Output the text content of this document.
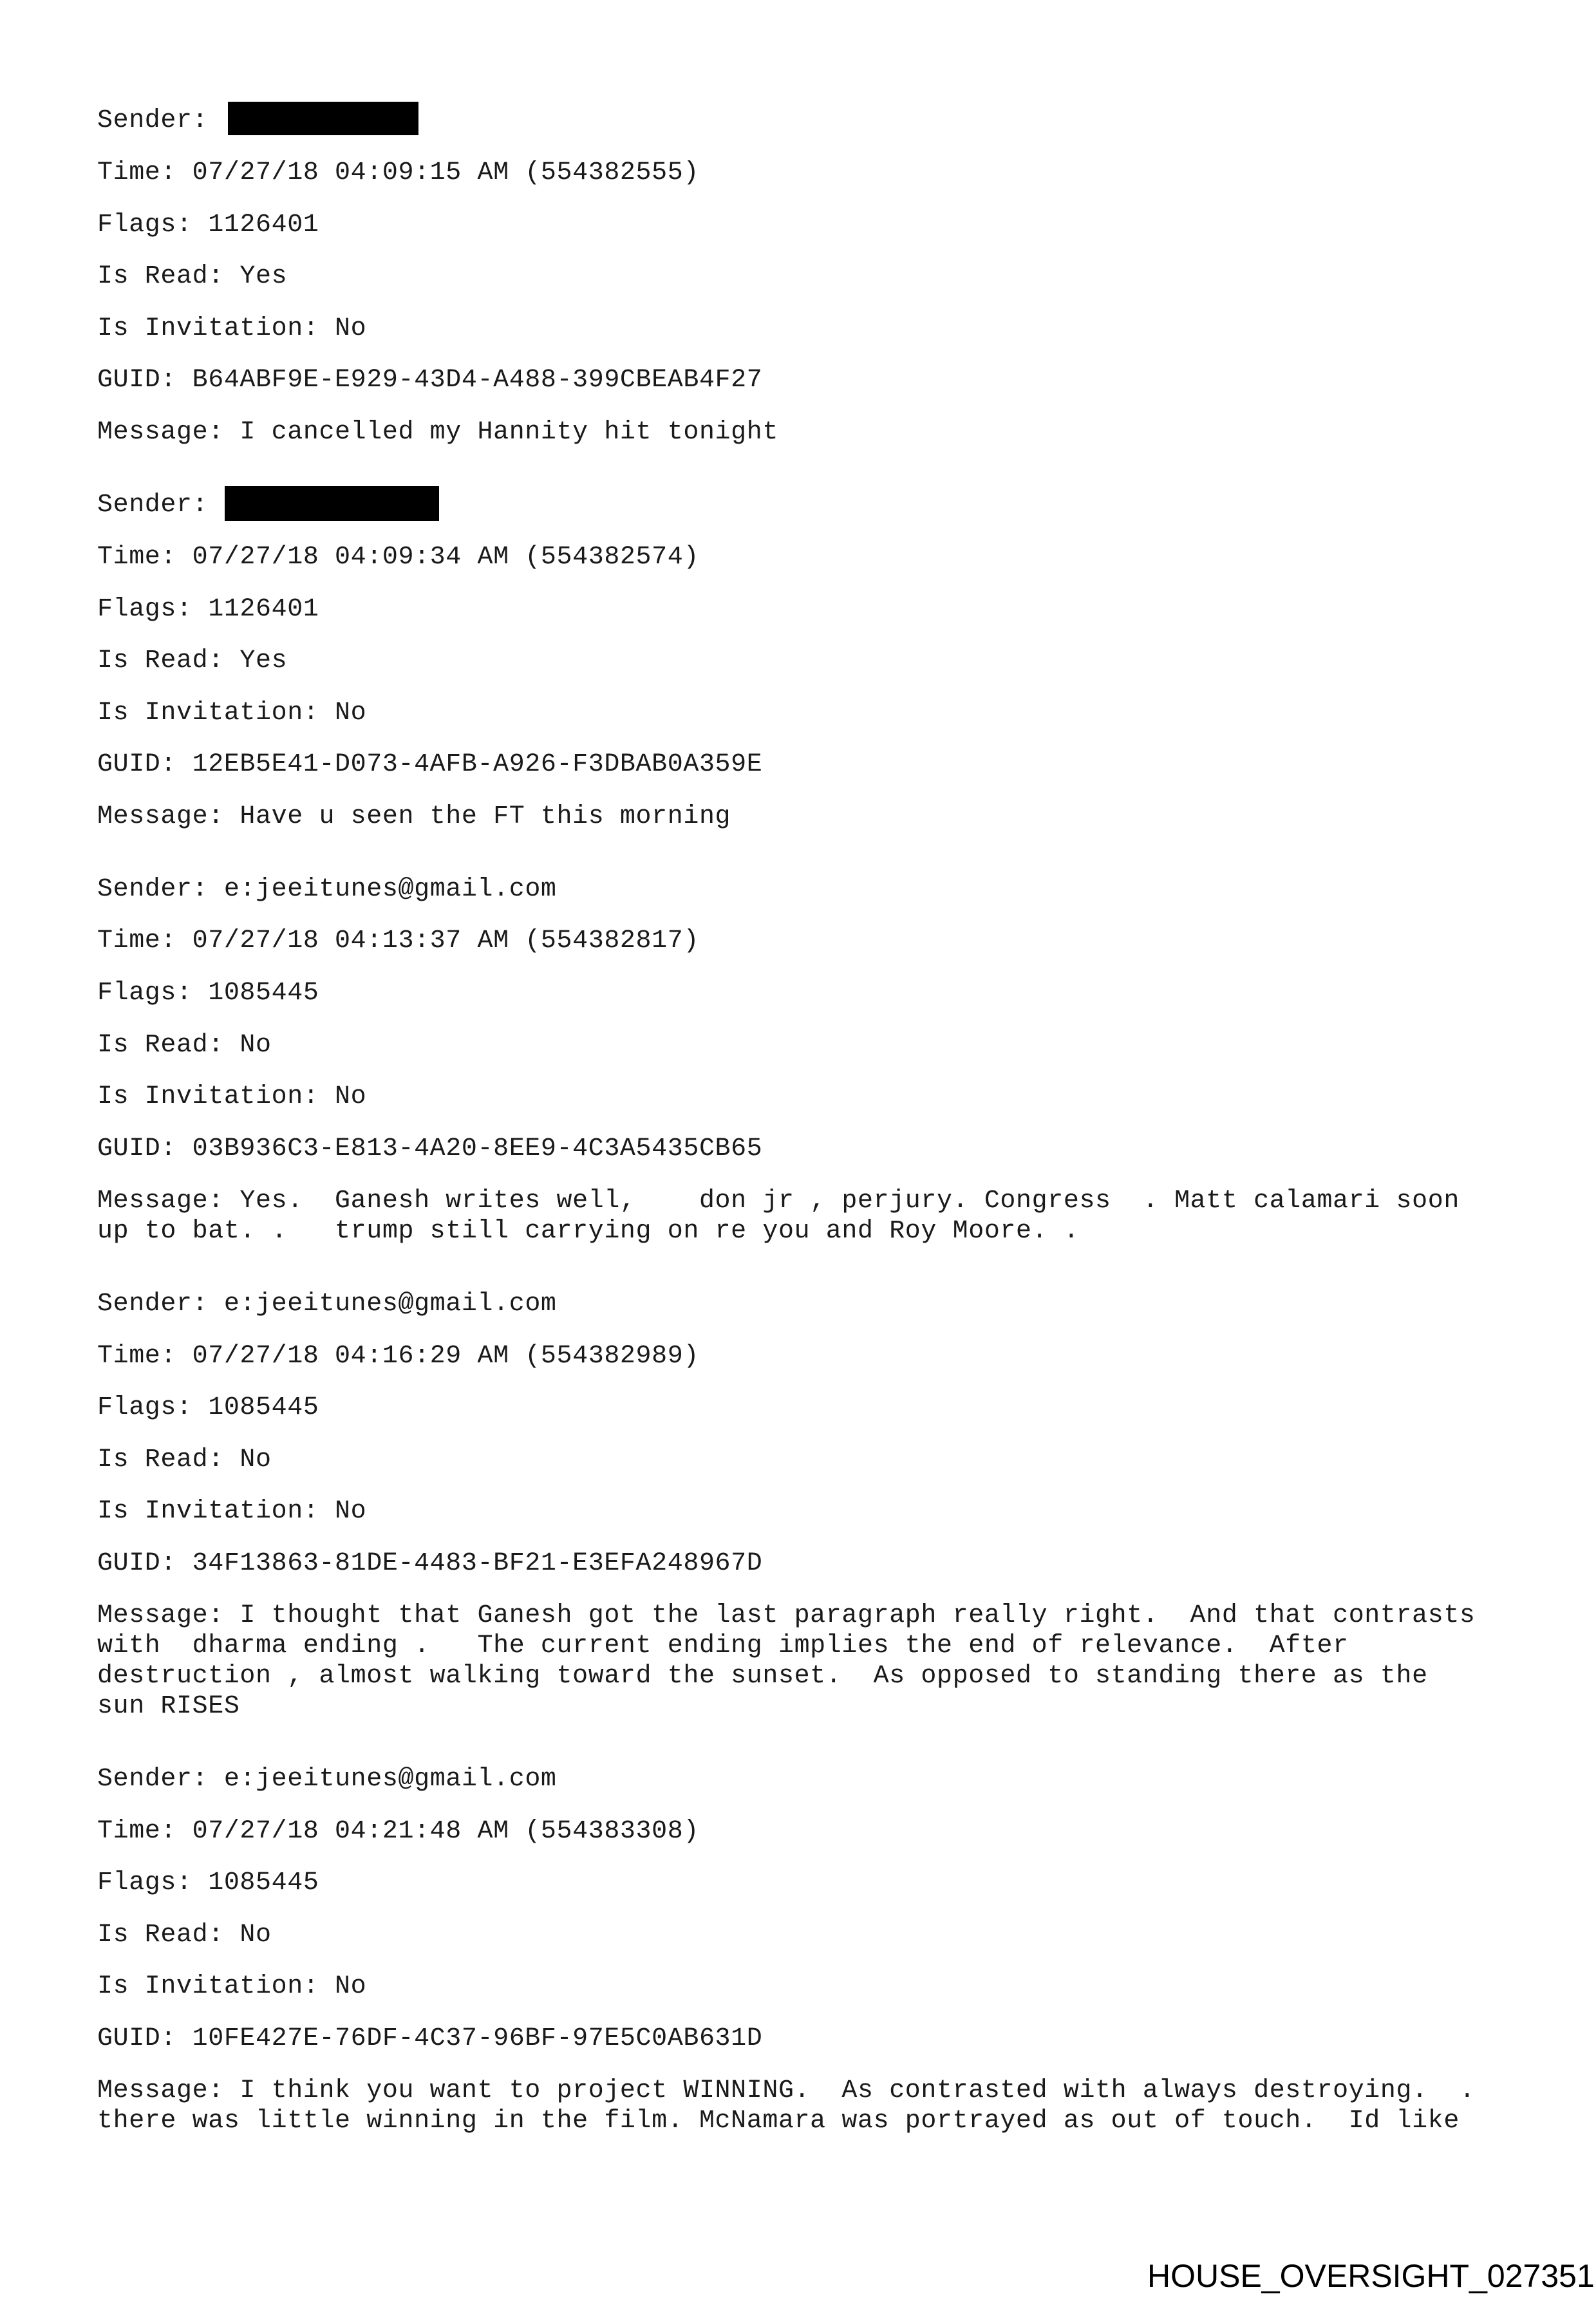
Sender:
Time: 07/27/18 04:09:15 AM (554382555)
Flags: 1126401
Is Read: Yes
Is Invitation: No
GUID: B64ABF9E-E929-43D4-A488-399CBEAB4F27
Message: I cancelled my Hannity hit tonight
Sender:
Time: 07/27/18 04:09:34 AM (554382574)
Flags: 1126401
Is Read: Yes
Is Invitation: No
GUID: 12EB5E41-D073-4AFB-A926-F3DBAB0A359E
Message: Have u seen the FT this morning
Sender: e:jeeitunes@gmail.com
Time: 07/27/18 04:13:37 AM (554382817)
Flags: 1085445
Is Read: No
Is Invitation: No
GUID: 03B936C3-E813-4A20-8EE9-4C3A5435CB65
Message: Yes.  Ganesh writes well,    don jr , perjury. Congress  . Matt calamari soon
up to bat. .   trump still carrying on re you and Roy Moore. .
Sender: e:jeeitunes@gmail.com
Time: 07/27/18 04:16:29 AM (554382989)
Flags: 1085445
Is Read: No
Is Invitation: No
GUID: 34F13863-81DE-4483-BF21-E3EFA248967D
Message: I thought that Ganesh got the last paragraph really right.  And that contrasts
with  dharma ending .   The current ending implies the end of relevance.  After
destruction , almost walking toward the sunset.  As opposed to standing there as the
sun RISES
Sender: e:jeeitunes@gmail.com
Time: 07/27/18 04:21:48 AM (554383308)
Flags: 1085445
Is Read: No
Is Invitation: No
GUID: 10FE427E-76DF-4C37-96BF-97E5C0AB631D
Message: I think you want to project WINNING.  As contrasted with always destroying.  .
there was little winning in the film. McNamara was portrayed as out of touch.  Id like
HOUSE_OVERSIGHT_027351
